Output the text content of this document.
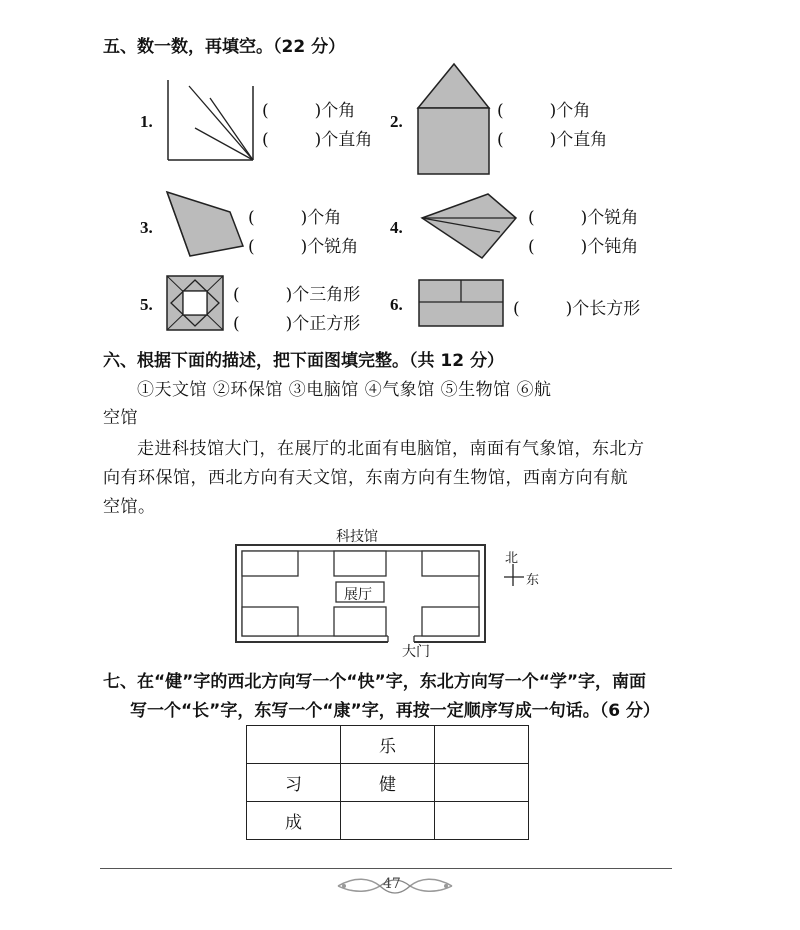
五、数一数，再填空。（22 分）
1.
(	)个角
(	)个直角
2.
(	)个角
(	)个直角
3.	(	)个角
(	)个锐角
4.	(	)个锐角
(	)个钝角
5.	(	)个三角形
(	)个正方形
6.	(	)个长方形
六、根据下面的描述，把下面图填完整。（共 12 分）
①天文馆 ②环保馆 ③电脑馆 ④气象馆 ⑤生物馆 ⑥航
空馆
走进科技馆大门，在展厅的北面有电脑馆，南面有气象馆，东北方
向有环保馆，西北方向有天文馆，东南方向有生物馆，西南方向有航
空馆。
科技馆
展厅
大门
北
东
七、在“健”字的西北方向写一个“快”字，东北方向写一个“学”字，南面
写一个“长”字，东写一个“康”字，再按一定顺序写成一句话。（6 分）
	乐	
习	健	
成		
47
